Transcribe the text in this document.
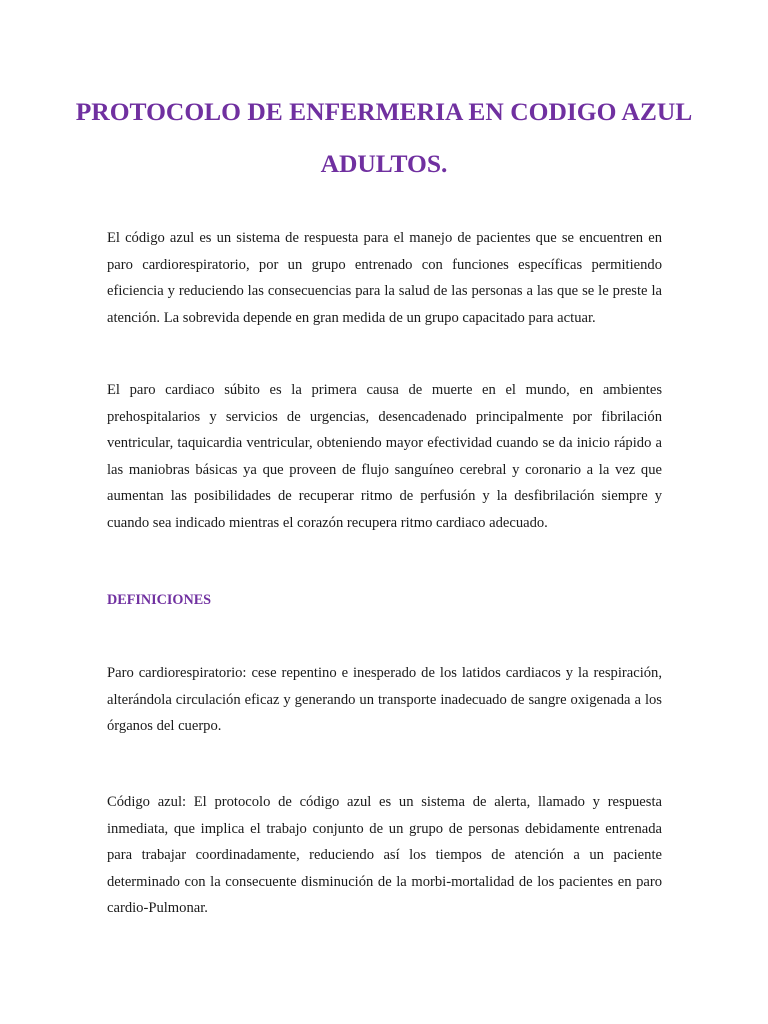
PROTOCOLO DE ENFERMERIA EN CODIGO AZUL ADULTOS.

El código azul es un sistema de respuesta para el manejo de pacientes que se encuentren en paro cardiorespiratorio, por un grupo entrenado con funciones específicas permitiendo eficiencia y reduciendo las consecuencias para la salud de las personas a las que se le preste la atención. La sobrevida depende en gran medida de un grupo capacitado para actuar.

El paro cardiaco súbito es la primera causa de muerte en el mundo, en ambientes prehospitalarios y servicios de urgencias, desencadenado principalmente por fibrilación ventricular, taquicardia ventricular, obteniendo mayor efectividad cuando se da inicio rápido a las maniobras básicas ya que proveen de flujo sanguíneo cerebral y coronario a la vez que aumentan las posibilidades de recuperar ritmo de perfusión y la desfibrilación siempre y cuando sea indicado mientras el corazón recupera ritmo cardiaco adecuado.

DEFINICIONES

Paro cardiorespiratorio: cese repentino e inesperado de los latidos cardiacos y la respiración, alterándola circulación eficaz y generando un transporte inadecuado de sangre oxigenada a los órganos del cuerpo.

Código azul: El protocolo de código azul es un sistema de alerta, llamado y respuesta inmediata, que implica el trabajo conjunto de un grupo de personas debidamente entrenada para trabajar coordinadamente, reduciendo así los tiempos de atención a un paciente determinado con la consecuente disminución de la morbi-mortalidad de los pacientes en paro cardio-Pulmonar.
